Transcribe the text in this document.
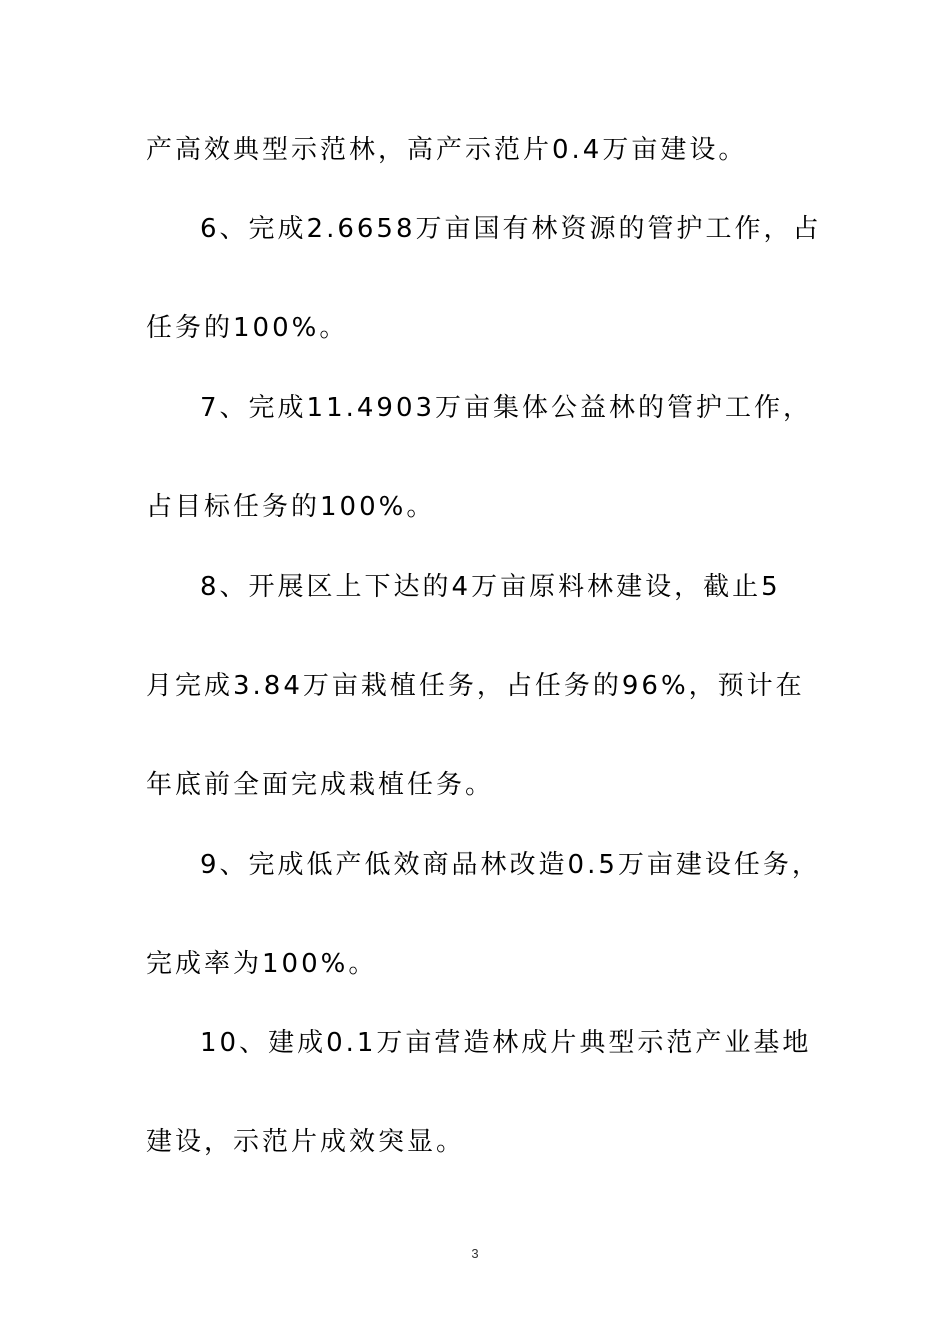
产高效典型示范林，高产示范片0.4万亩建设。
6、完成2.6658万亩国有林资源的管护工作，占
任务的100%。
7、完成11.4903万亩集体公益林的管护工作，
占目标任务的100%。
8、开展区上下达的4万亩原料林建设，截止5
月完成3.84万亩栽植任务，占任务的96%，预计在
年底前全面完成栽植任务。
9、完成低产低效商品林改造0.5万亩建设任务，
完成率为100%。
10、建成0.1万亩营造林成片典型示范产业基地
建设，示范片成效突显。
3
